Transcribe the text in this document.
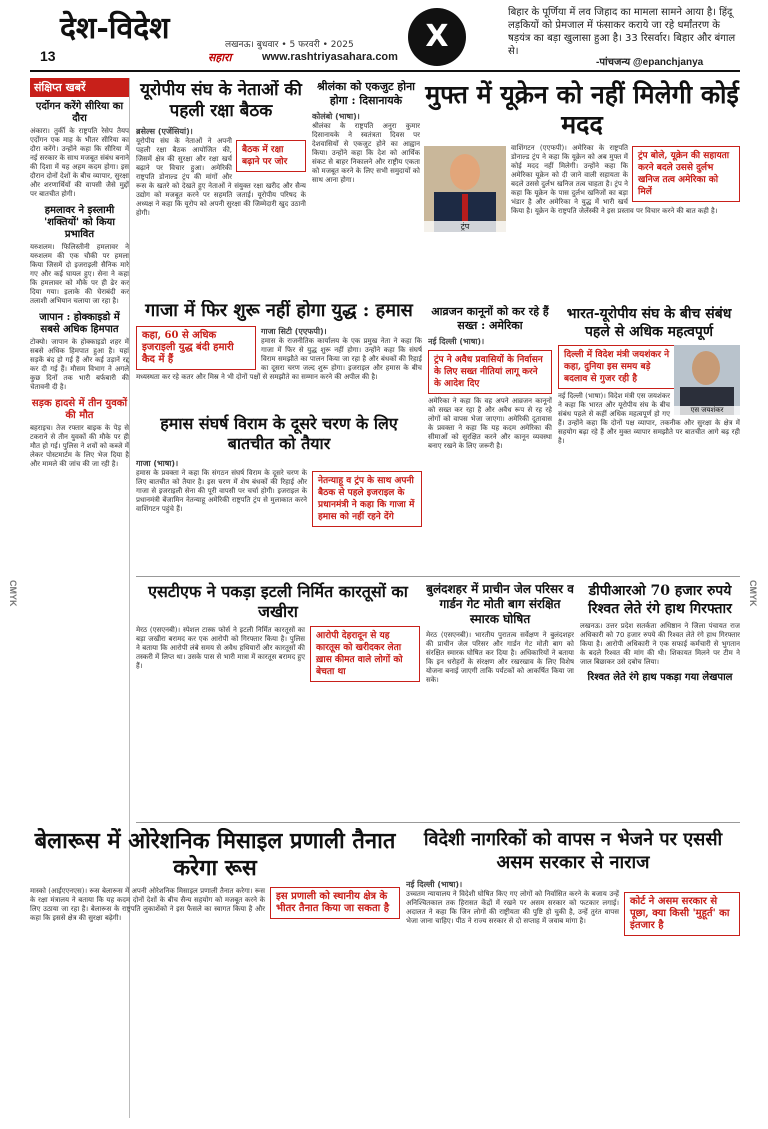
13
देश-विदेश	लखनऊ। बुधवार • 5 फरवरी • 2025
सहारा	www.rashtriyasahara.com
X
बिहार के पूर्णिया में लव जिहाद का मामला सामने आया है। हिंदू लड़कियों को प्रेमजाल में फंसाकर कराये जा रहे धर्मांतरण के षड़यंत्र का बड़ा खुलासा हुआ है। 33 रिसर्वार। बिहार और बंगाल से।
-पांचजन्य @epanchjanya
CMYK	CMYK
संक्षिप्त खबरें
एर्दोगन करेंगे सीरिया का दौरा

अंकारा। तुर्की के राष्ट्रपति रेसेप तैयप एर्दोगन एक माह के भीतर सीरिया का दौरा करेंगे। उन्होंने कहा कि सीरिया में नई सरकार के साथ मजबूत संबंध बनाने की दिशा में यह अहम कदम होगा। इस दौरान दोनों देशों के बीच व्यापार, सुरक्षा और शरणार्थियों की वापसी जैसे मुद्दों पर बातचीत होगी।

हमलावर ने इस्लामी 'शक्तियों' को किया प्रभावित

यरुशलम। फिलिस्तीनी हमलावर ने यरुशलम की एक चौकी पर हमला किया जिसमें दो इजराइली सैनिक मारे गए और कई घायल हुए। सेना ने कहा कि हमलावर को मौके पर ही ढेर कर दिया गया। इलाके की घेराबंदी कर तलाशी अभियान चलाया जा रहा है।

जापान : होक्काइडो में सबसे अधिक हिमपात

टोक्यो। जापान के होक्काइडो शहर में सबसे अधिक हिमपात हुआ है। यहां सड़कें बंद हो गई हैं और कई उड़ानें रद्द कर दी गई हैं। मौसम विभाग ने अगले कुछ दिनों तक भारी बर्फबारी की चेतावनी दी है।

सड़क हादसे में तीन युवकों की मौत

बहराइच। तेज रफ्तार बाइक के पेड़ से टकराने से तीन युवकों की मौके पर ही मौत हो गई। पुलिस ने शवों को कब्जे में लेकर पोस्टमार्टम के लिए भेज दिया है और मामले की जांच की जा रही है।

यूरोपीय संघ के नेताओं की पहली रक्षा बैठक
ब्रसेल्स (एजेंसियां)।
बैठक में रक्षा बढ़ाने पर जोर
यूरोपीय संघ के नेताओं ने अपनी पहली रक्षा बैठक आयोजित की, जिसमें क्षेत्र की सुरक्षा और रक्षा खर्च बढ़ाने पर विचार हुआ। अमेरिकी राष्ट्रपति डोनाल्ड ट्रंप की मांगों और रूस के खतरे को देखते हुए नेताओं ने संयुक्त रक्षा खरीद और सैन्य उद्योग को मजबूत करने पर सहमति जताई। यूरोपीय परिषद के अध्यक्ष ने कहा कि यूरोप को अपनी सुरक्षा की जिम्मेदारी खुद उठानी होगी।
श्रीलंका को एकजुट होना होगा : दिसानायके
कोलंबो (भाषा)।
श्रीलंका के राष्ट्रपति अनुरा कुमार दिसानायके ने स्वतंत्रता दिवस पर देशवासियों से एकजुट होने का आह्वान किया। उन्होंने कहा कि देश को आर्थिक संकट से बाहर निकालने और राष्ट्रीय एकता को मजबूत करने के लिए सभी समुदायों को साथ आना होगा।
मुफ्त में यूक्रेन को नहीं मिलेगी कोई मदद
ट्रंप
ट्रंप बोले, यूक्रेन की सहायता करने बदले उससे दुर्लभ खनिज तत्व अमेरिका को मिलें
वाशिंगटन (एएफपी)। अमेरिका के राष्ट्रपति डोनाल्ड ट्रंप ने कहा कि यूक्रेन को अब मुफ्त में कोई मदद नहीं मिलेगी। उन्होंने कहा कि अमेरिका यूक्रेन को दी जाने वाली सहायता के बदले उससे दुर्लभ खनिज तत्व चाहता है। ट्रंप ने कहा कि यूक्रेन के पास दुर्लभ खनिजों का बड़ा भंडार है और अमेरिका ने युद्ध में भारी खर्च किया है। यूक्रेन के राष्ट्रपति जेलेंस्की ने इस प्रस्ताव पर विचार करने की बात कही है।
गाजा में फिर शुरू नहीं होगा युद्ध : हमास
कहा, 60 से अधिक इजराइली युद्ध बंदी हमारी कैद में हैं
गाजा सिटी (एएफपी)।
हमास के राजनीतिक कार्यालय के एक प्रमुख नेता ने कहा कि गाजा में फिर से युद्ध शुरू नहीं होगा। उन्होंने कहा कि संघर्ष विराम समझौते का पालन किया जा रहा है और बंधकों की रिहाई का दूसरा चरण जल्द शुरू होगा। इजराइल और हमास के बीच मध्यस्थता कर रहे कतर और मिस्र ने भी दोनों पक्षों से समझौते का सम्मान करने की अपील की है।
हमास संघर्ष विराम के दूसरे चरण के लिए बातचीत को तैयार
गाजा (भाषा)।
नेतन्याहू व ट्रंप के साथ अपनी बैठक से पहले इजराइल के प्रधानमंत्री ने कहा कि गाजा में हमास को नहीं रहने देंगे
हमास के प्रवक्ता ने कहा कि संगठन संघर्ष विराम के दूसरे चरण के लिए बातचीत को तैयार है। इस चरण में शेष बंधकों की रिहाई और गाजा से इजराइली सेना की पूरी वापसी पर चर्चा होगी। इजराइल के प्रधानमंत्री बेंजामिन नेतन्याहू अमेरिकी राष्ट्रपति ट्रंप से मुलाकात करने वाशिंगटन पहुंचे हैं।
आव्रजन कानूनों को कर रहे हैं सख्त : अमेरिका
नई दिल्ली (भाषा)।
ट्रंप ने अवैध प्रवासियों के निर्वासन के लिए सख्त नीतियां लागू करने के आदेश दिए
अमेरिका ने कहा कि वह अपने आव्रजन कानूनों को सख्त कर रहा है और अवैध रूप से रह रहे लोगों को वापस भेजा जाएगा। अमेरिकी दूतावास के प्रवक्ता ने कहा कि यह कदम अमेरिका की सीमाओं को सुरक्षित करने और कानून व्यवस्था बनाए रखने के लिए जरूरी है।
भारत-यूरोपीय संघ के बीच संबंध पहले से अधिक महत्वपूर्ण
एस जयशंकर
दिल्ली में विदेश मंत्री जयशंकर ने कहा, दुनिया इस समय बड़े बदलाव से गुजर रही है
नई दिल्ली (भाषा)। विदेश मंत्री एस जयशंकर ने कहा कि भारत और यूरोपीय संघ के बीच संबंध पहले से कहीं अधिक महत्वपूर्ण हो गए हैं। उन्होंने कहा कि दोनों पक्ष व्यापार, तकनीक और सुरक्षा के क्षेत्र में सहयोग बढ़ा रहे हैं और मुक्त व्यापार समझौते पर बातचीत आगे बढ़ रही है।
एसटीएफ ने पकड़ा इटली निर्मित कारतूसों का जखीरा
आरोपी देहरादून से यह कारतूस को खरीदकर लेता ख़ास कीमत वाले लोगों को बेचता था
मेरठ (एसएनबी)। स्पेशल टास्क फोर्स ने इटली निर्मित कारतूसों का बड़ा जखीरा बरामद कर एक आरोपी को गिरफ्तार किया है। पुलिस ने बताया कि आरोपी लंबे समय से अवैध हथियारों और कारतूसों की तस्करी में लिप्त था। उसके पास से भारी मात्रा में कारतूस बरामद हुए हैं।
बुलंदशहर में प्राचीन जेल परिसर व गार्डन गेट मोती बाग संरक्षित स्मारक घोषित
मेरठ (एसएनबी)। भारतीय पुरातत्व सर्वेक्षण ने बुलंदशहर की प्राचीन जेल परिसर और गार्डन गेट मोती बाग को संरक्षित स्मारक घोषित कर दिया है। अधिकारियों ने बताया कि इन धरोहरों के संरक्षण और रखरखाव के लिए विशेष योजना बनाई जाएगी ताकि पर्यटकों को आकर्षित किया जा सके।
डीपीआरओ 70 हजार रुपये रिश्वत लेते रंगे हाथ गिरफ्तार
लखनऊ। उत्तर प्रदेश सतर्कता अधिष्ठान ने जिला पंचायत राज अधिकारी को 70 हजार रुपये की रिश्वत लेते रंगे हाथ गिरफ्तार किया है। आरोपी अधिकारी ने एक सफाई कर्मचारी से भुगतान के बदले रिश्वत की मांग की थी। शिकायत मिलने पर टीम ने जाल बिछाकर उसे दबोच लिया।
रिश्वत लेते रंगे हाथ पकड़ा गया लेखपाल
बेलारूस में ओरेशनिक मिसाइल प्रणाली तैनात करेगा रूस
इस प्रणाली को स्थानीय क्षेत्र के भीतर तैनात किया जा सकता है
मास्को (आईएएनएस)। रूस बेलारूस में अपनी ओरेशनिक मिसाइल प्रणाली तैनात करेगा। रूस के रक्षा मंत्रालय ने बताया कि यह कदम दोनों देशों के बीच सैन्य सहयोग को मजबूत करने के लिए उठाया जा रहा है। बेलारूस के राष्ट्रपति लुकाशेंको ने इस फैसले का स्वागत किया है और कहा कि इससे क्षेत्र की सुरक्षा बढ़ेगी।
विदेशी नागरिकों को वापस न भेजने पर एससी असम सरकार से नाराज
नई दिल्ली (भाषा)।
कोर्ट ने असम सरकार से पूछा, क्या किसी 'मुहूर्त' का इंतजार है
उच्चतम न्यायालय ने विदेशी घोषित किए गए लोगों को निर्वासित करने के बजाय उन्हें अनिश्चितकाल तक हिरासत केंद्रों में रखने पर असम सरकार को फटकार लगाई। अदालत ने कहा कि जिन लोगों की राष्ट्रीयता की पुष्टि हो चुकी है, उन्हें तुरंत वापस भेजा जाना चाहिए। पीठ ने राज्य सरकार से दो सप्ताह में जवाब मांगा है।
